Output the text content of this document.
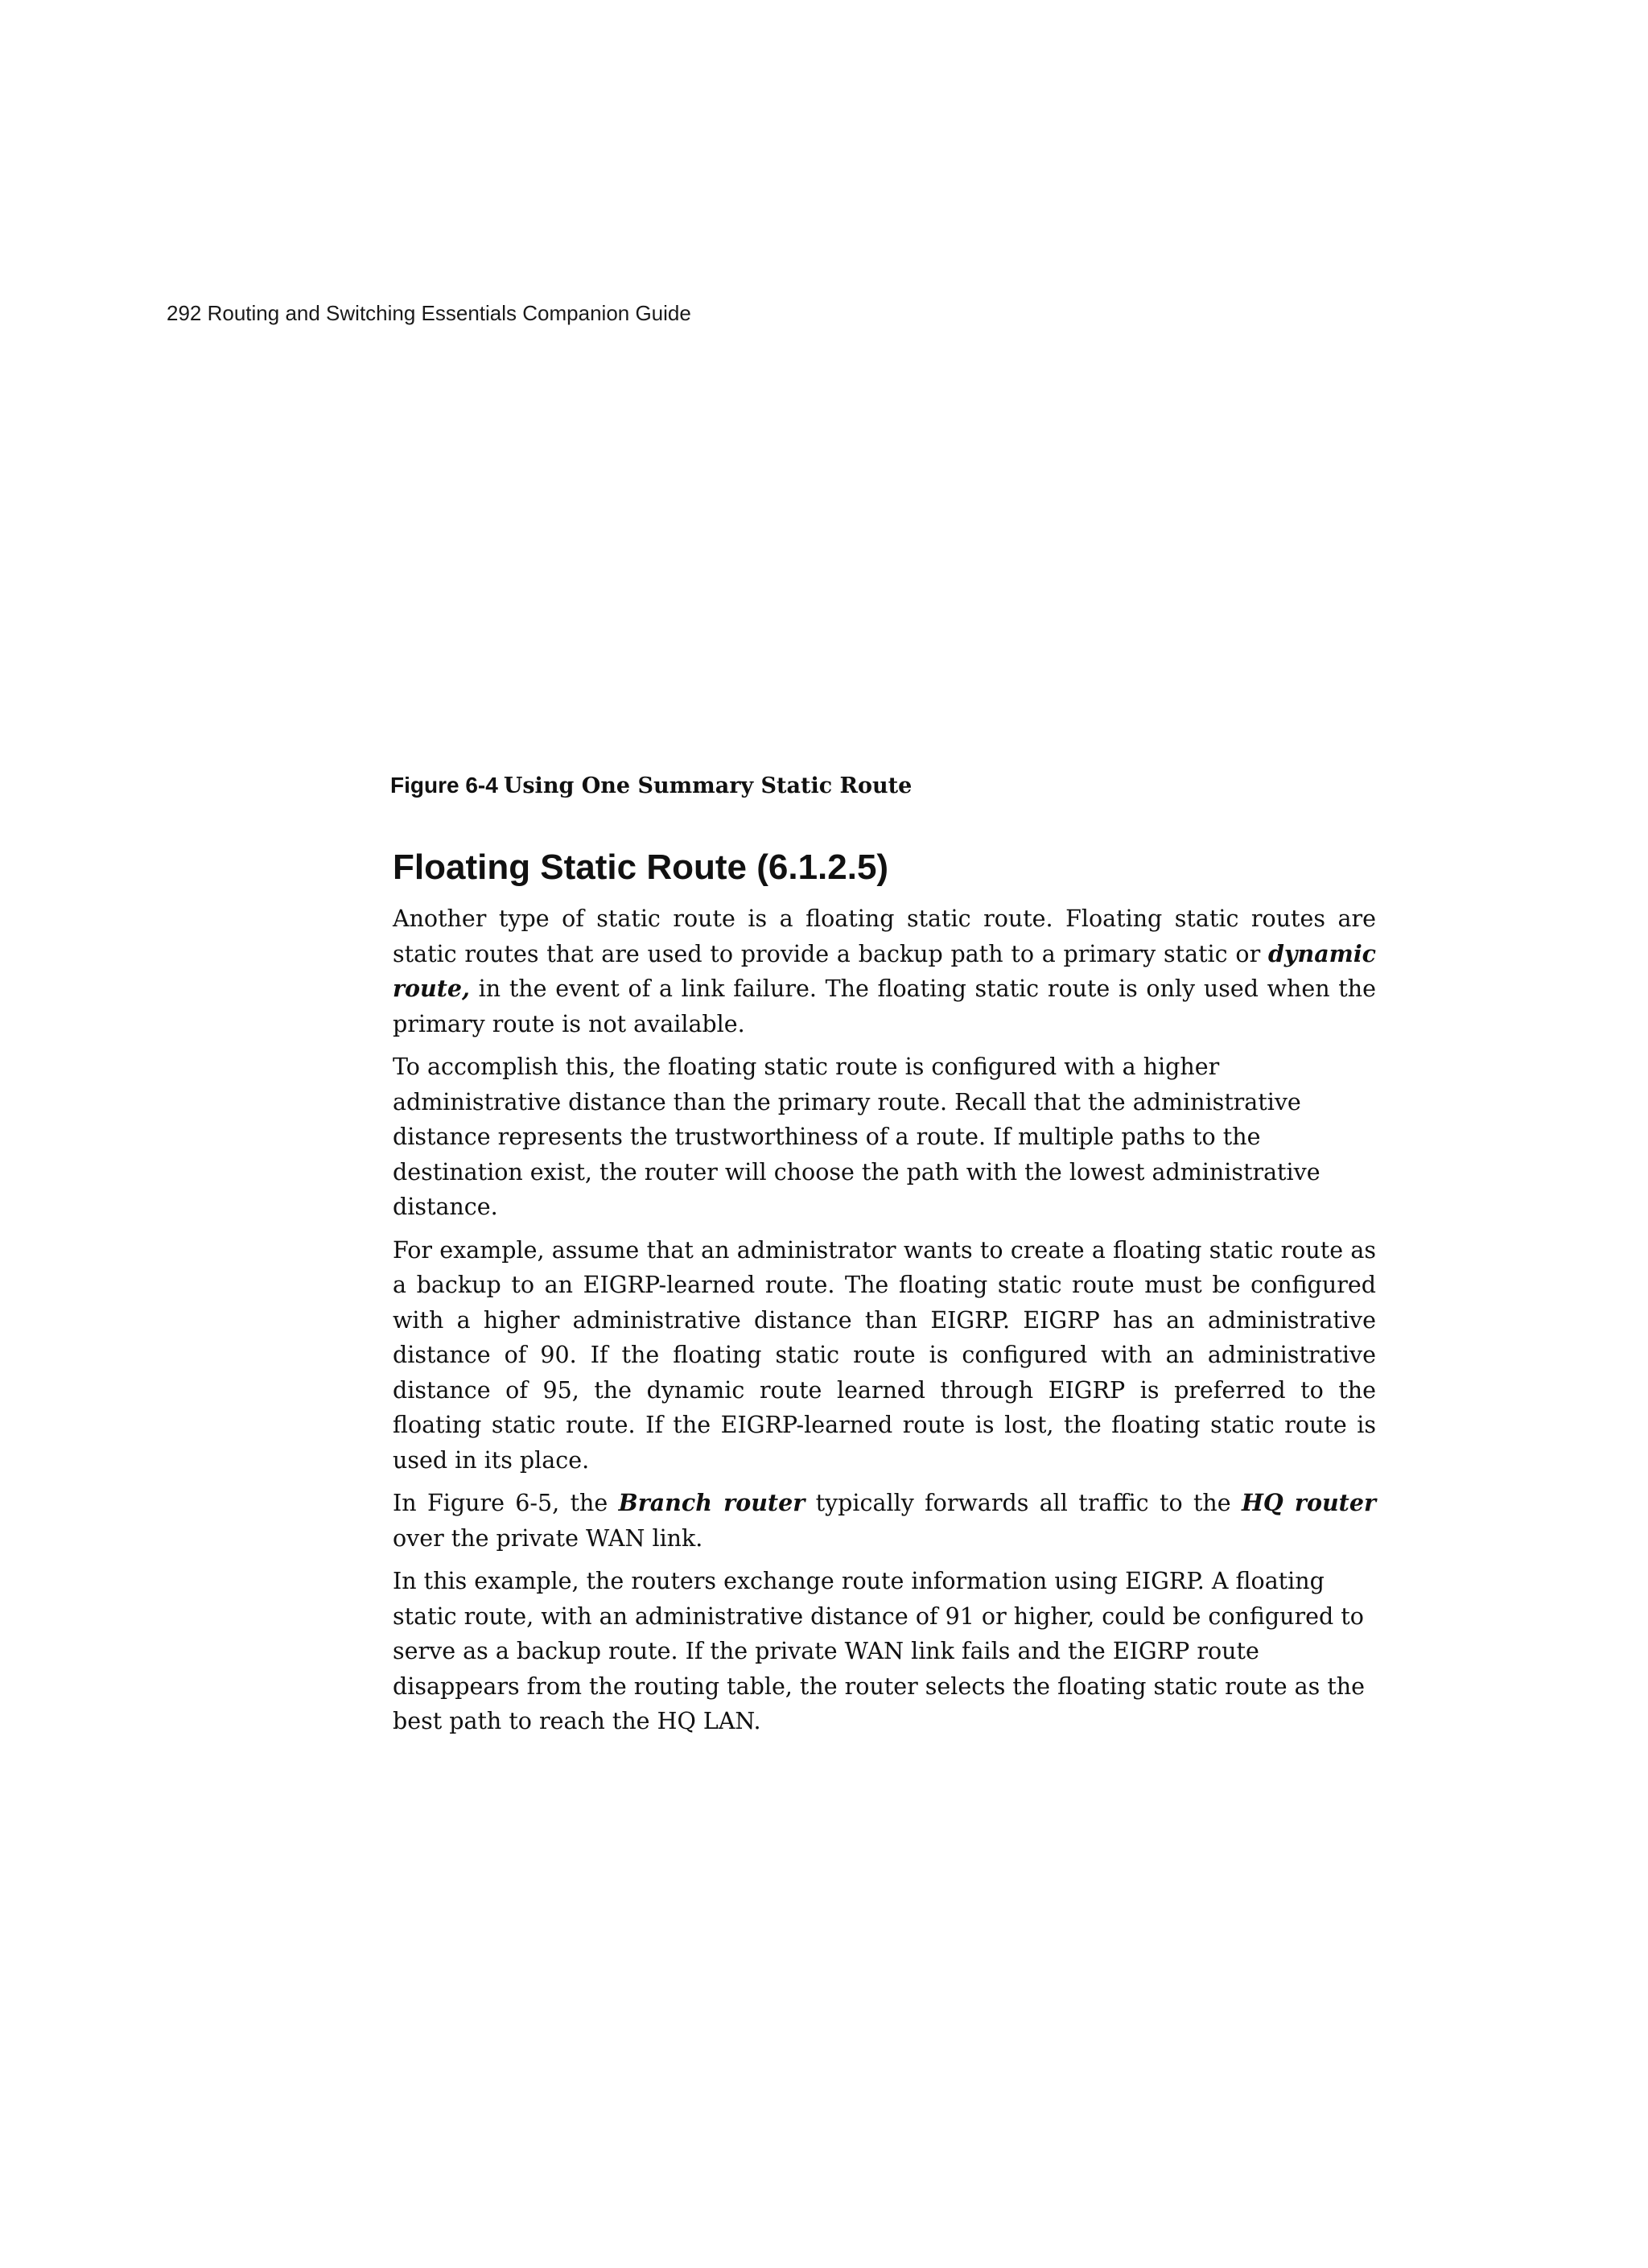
292 Routing and Switching Essentials Companion Guide
Figure 6-4 Using One Summary Static Route
Floating Static Route (6.1.2.5)

Another type of static route is a floating static route. Floating static routes are static routes that are used to provide a backup path to a primary static or dynamic route, in the event of a link failure. The floating static route is only used when the primary route is not available.

To accomplish this, the floating static route is configured with a higher administrative distance than the primary route. Recall that the administrative distance represents the trustworthiness of a route. If multiple paths to the destination exist, the router will choose the path with the lowest administrative distance.

For example, assume that an administrator wants to create a floating static route as a backup to an EIGRP-learned route. The floating static route must be configured with a higher administrative distance than EIGRP. EIGRP has an administrative distance of 90. If the floating static route is configured with an administrative distance of 95, the dynamic route learned through EIGRP is preferred to the floating static route. If the EIGRP-learned route is lost, the floating static route is used in its place.

In Figure 6-5, the Branch router typically forwards all traffic to the HQ router over the private WAN link.

In this example, the routers exchange route information using EIGRP. A floating static route, with an administrative distance of 91 or higher, could be configured to serve as a backup route. If the private WAN link fails and the EIGRP route disappears from the routing table, the router selects the floating static route as the best path to reach the HQ LAN.
